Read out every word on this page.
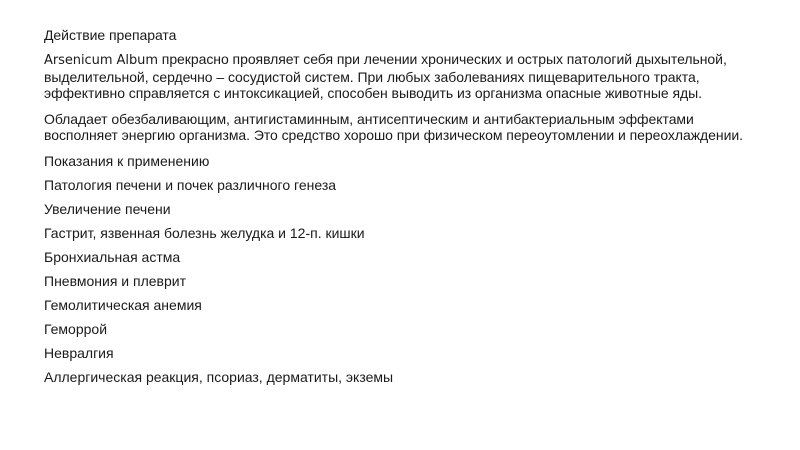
Действие препарата

Arsenicum Album прекрасно проявляет себя при лечении хронических и острых патологий дыхытельной, выделительной, сердечно – сосудистой систем. При любых заболеваниях пищеварительного тракта, эффективно справляется с интоксикацией, способен выводить из организма опасные животные яды.

Обладает обезбаливающим, антигистаминным, антисептическим и антибактериальным эффектами восполняет энергию организма. Это средство хорошо при физическом переоутомлении и переохлаждении.

Показания к применению

Патология печени и почек различного генеза

Увеличение печени

Гастрит, язвенная болезнь желудка и 12-п. кишки

Бронхиальная астма

Пневмония и плеврит

Гемолитическая анемия

Геморрой

Невралгия

Аллергическая реакция, псориаз, дерматиты, экземы
